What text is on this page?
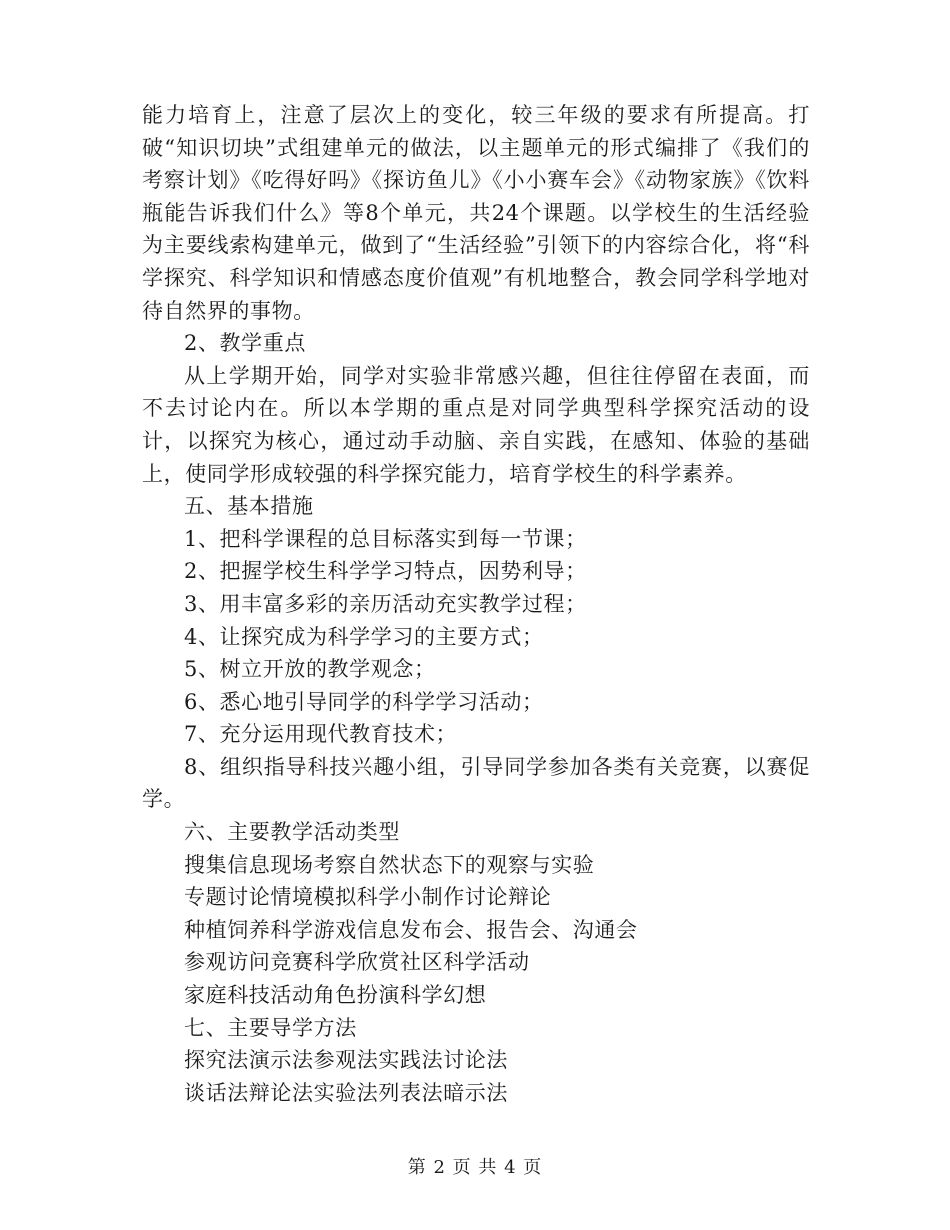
能力培育上，注意了层次上的变化，较三年级的要求有所提高。打破“知识切块”式组建单元的做法，以主题单元的形式编排了《我们的考察计划》《吃得好吗》《探访鱼儿》《小小赛车会》《动物家族》《饮料瓶能告诉我们什么》等8个单元，共24个课题。以学校生的生活经验为主要线索构建单元，做到了“生活经验”引领下的内容综合化，将“科学探究、科学知识和情感态度价值观”有机地整合，教会同学科学地对待自然界的事物。

2、教学重点

从上学期开始，同学对实验非常感兴趣，但往往停留在表面，而不去讨论内在。所以本学期的重点是对同学典型科学探究活动的设计，以探究为核心，通过动手动脑、亲自实践，在感知、体验的基础上，使同学形成较强的科学探究能力，培育学校生的科学素养。

五、基本措施

1、把科学课程的总目标落实到每一节课；

2、把握学校生科学学习特点，因势利导；

3、用丰富多彩的亲历活动充实教学过程；

4、让探究成为科学学习的主要方式；

5、树立开放的教学观念；

6、悉心地引导同学的科学学习活动；

7、充分运用现代教育技术；

8、组织指导科技兴趣小组，引导同学参加各类有关竞赛，以赛促学。

六、主要教学活动类型

搜集信息现场考察自然状态下的观察与实验

专题讨论情境模拟科学小制作讨论辩论

种植饲养科学游戏信息发布会、报告会、沟通会

参观访问竞赛科学欣赏社区科学活动

家庭科技活动角色扮演科学幻想

七、主要导学方法

探究法演示法参观法实践法讨论法

谈话法辩论法实验法列表法暗示法

第 2 页 共 4 页
